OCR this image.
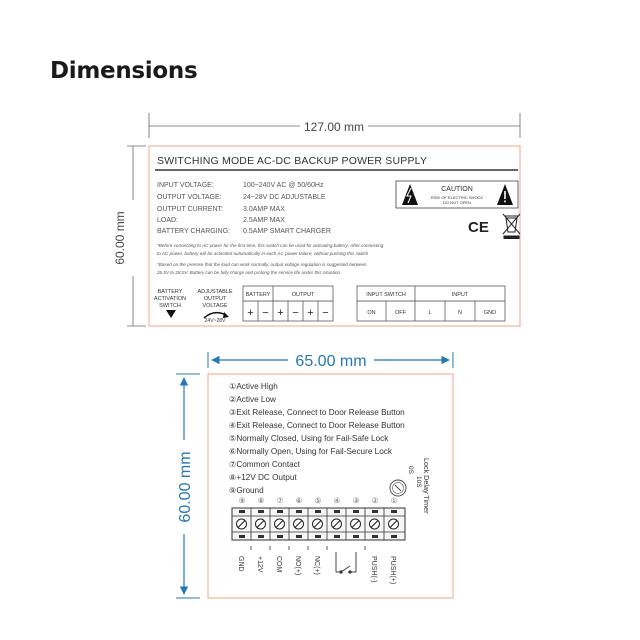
Dimensions
127.00 mm
60.00 mm
SWITCHING MODE AC-DC BACKUP POWER SUPPLY
INPUT VOLTAGE:	100~240V AC @ 50/60Hz
OUTPUT VOLTAGE:	24~28V DC ADJUSTABLE
OUTPUT CURRENT:	3.0AMP MAX
LOAD:	2.5AMP MAX
BATTERY CHARGING: 0.5AMP SMART CHARGER
CAUTION
RISK OF ELECTRIC SHOCK
DO NOT OPEN
CE
*Before connecting to AC power for the first time, this switch can be used for activating battery; After connecting
to AC power, battery will be activated automatically in each AC power failure, without pushing this switch
*Based on the premise that the load can work normally, output voltage regulation is suggested between
26.5V to 28.0V. Battery can be fully charge and prolong the service life under this situation.
BATTERY
ACTIVATION
SWITCH
ADJUSTABLE
OUTPUT
VOLTAGE
24V~28V
BATTERY	OUTPUT
+ − + − + −
INPUT SWITCH	INPUT
ON	OFF	L	N	GND
65.00 mm
60.00 mm
①Active High
②Active Low
③Exit Release, Connect to Door Release Button
④Exit Release, Connect to Door Release Button
⑤Normally Closed, Using for Fail-Safe Lock
⑥Normally Open, Using for Fail-Secure Lock
⑦Common Contact
⑧+12V DC Output
⑨Ground	Lock Delay Timer
0S
10S
⑨ ⑧ ⑦ ⑥ ⑤ ④ ③ ② ①
GND +12V COM NO(+) NC(+)	PUSH(-) PUSH(+)
